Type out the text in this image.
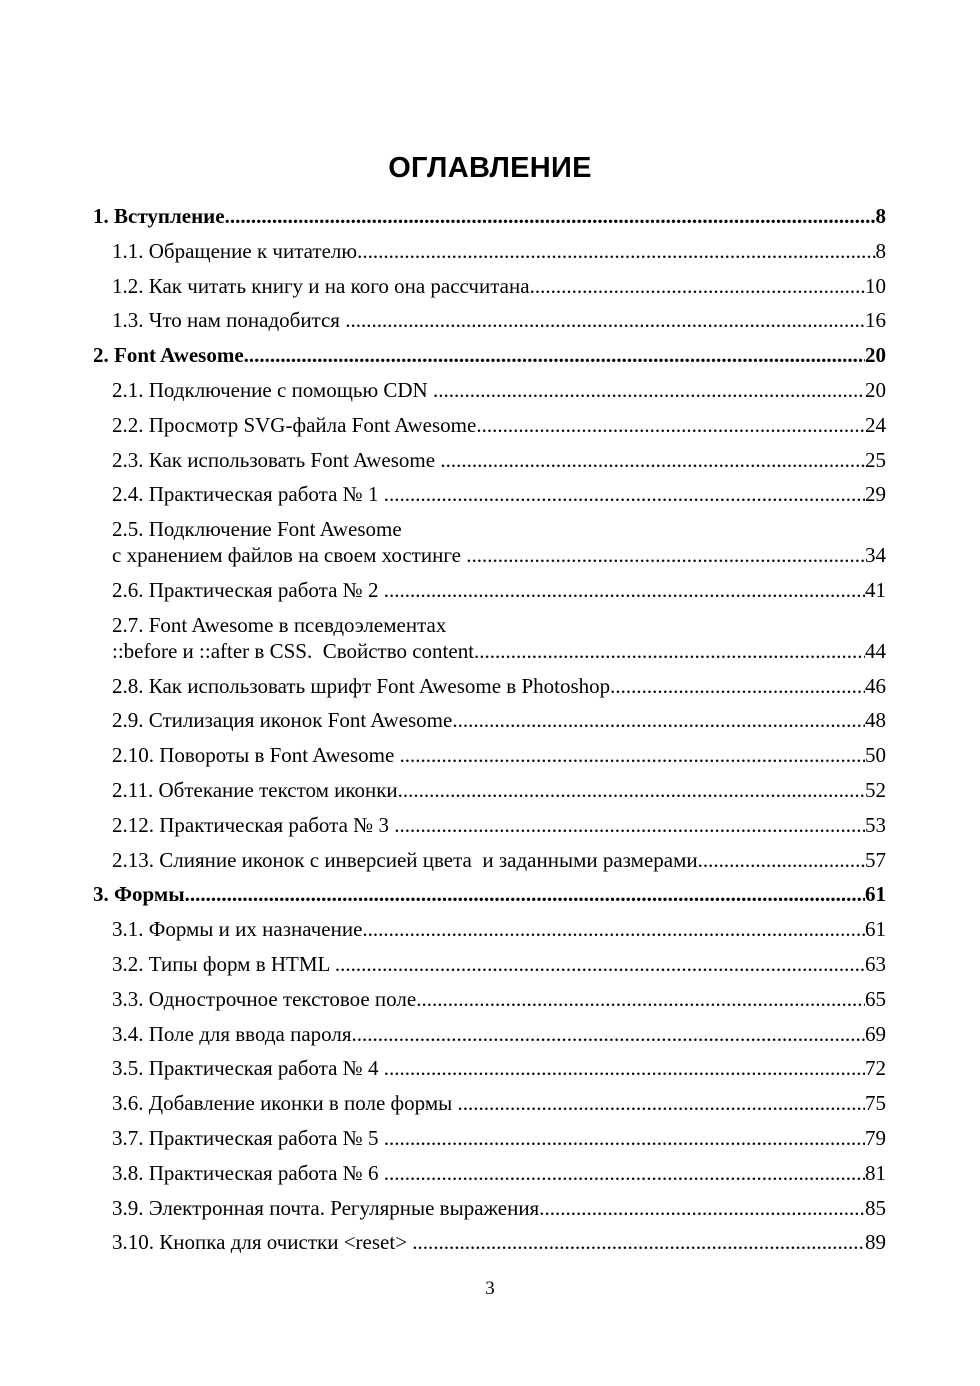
ОГЛАВЛЕНИЕ
1. Вступление .....	8
1.1. Обращение к читателю .....	8
1.2. Как читать книгу и на кого она рассчитана .....	10
1.3. Что нам понадобится .....	16
2. Font Awesome .....	20
2.1. Подключение с помощью CDN .....	20
2.2. Просмотр SVG-файла Font Awesome .....	24
2.3. Как использовать Font Awesome .....	25
2.4. Практическая работа № 1 .....	29
2.5. Подключение Font Awesome
с хранением файлов на своем хостинге .....	34
2.6. Практическая работа № 2 .....	41
2.7. Font Awesome в псевдоэлементах
::before и ::after в CSS.  Свойство content .....	44
2.8. Как использовать шрифт Font Awesome в Photoshop .....	46
2.9. Стилизация иконок Font Awesome .....	48
2.10. Повороты в Font Awesome .....	50
2.11. Обтекание текстом иконки .....	52
2.12. Практическая работа № 3 .....	53
2.13. Слияние иконок с инверсией цвета  и заданными размерами .....	57
3. Формы .....	61
3.1. Формы и их назначение .....	61
3.2. Типы форм в HTML .....	63
3.3. Однострочное текстовое поле .....	65
3.4. Поле для ввода пароля .....	69
3.5. Практическая работа № 4 .....	72
3.6. Добавление иконки в поле формы .....	75
3.7. Практическая работа № 5 .....	79
3.8. Практическая работа № 6 .....	81
3.9. Электронная почта. Регулярные выражения .....	85
3.10. Кнопка для очистки <reset> .....	89
3
